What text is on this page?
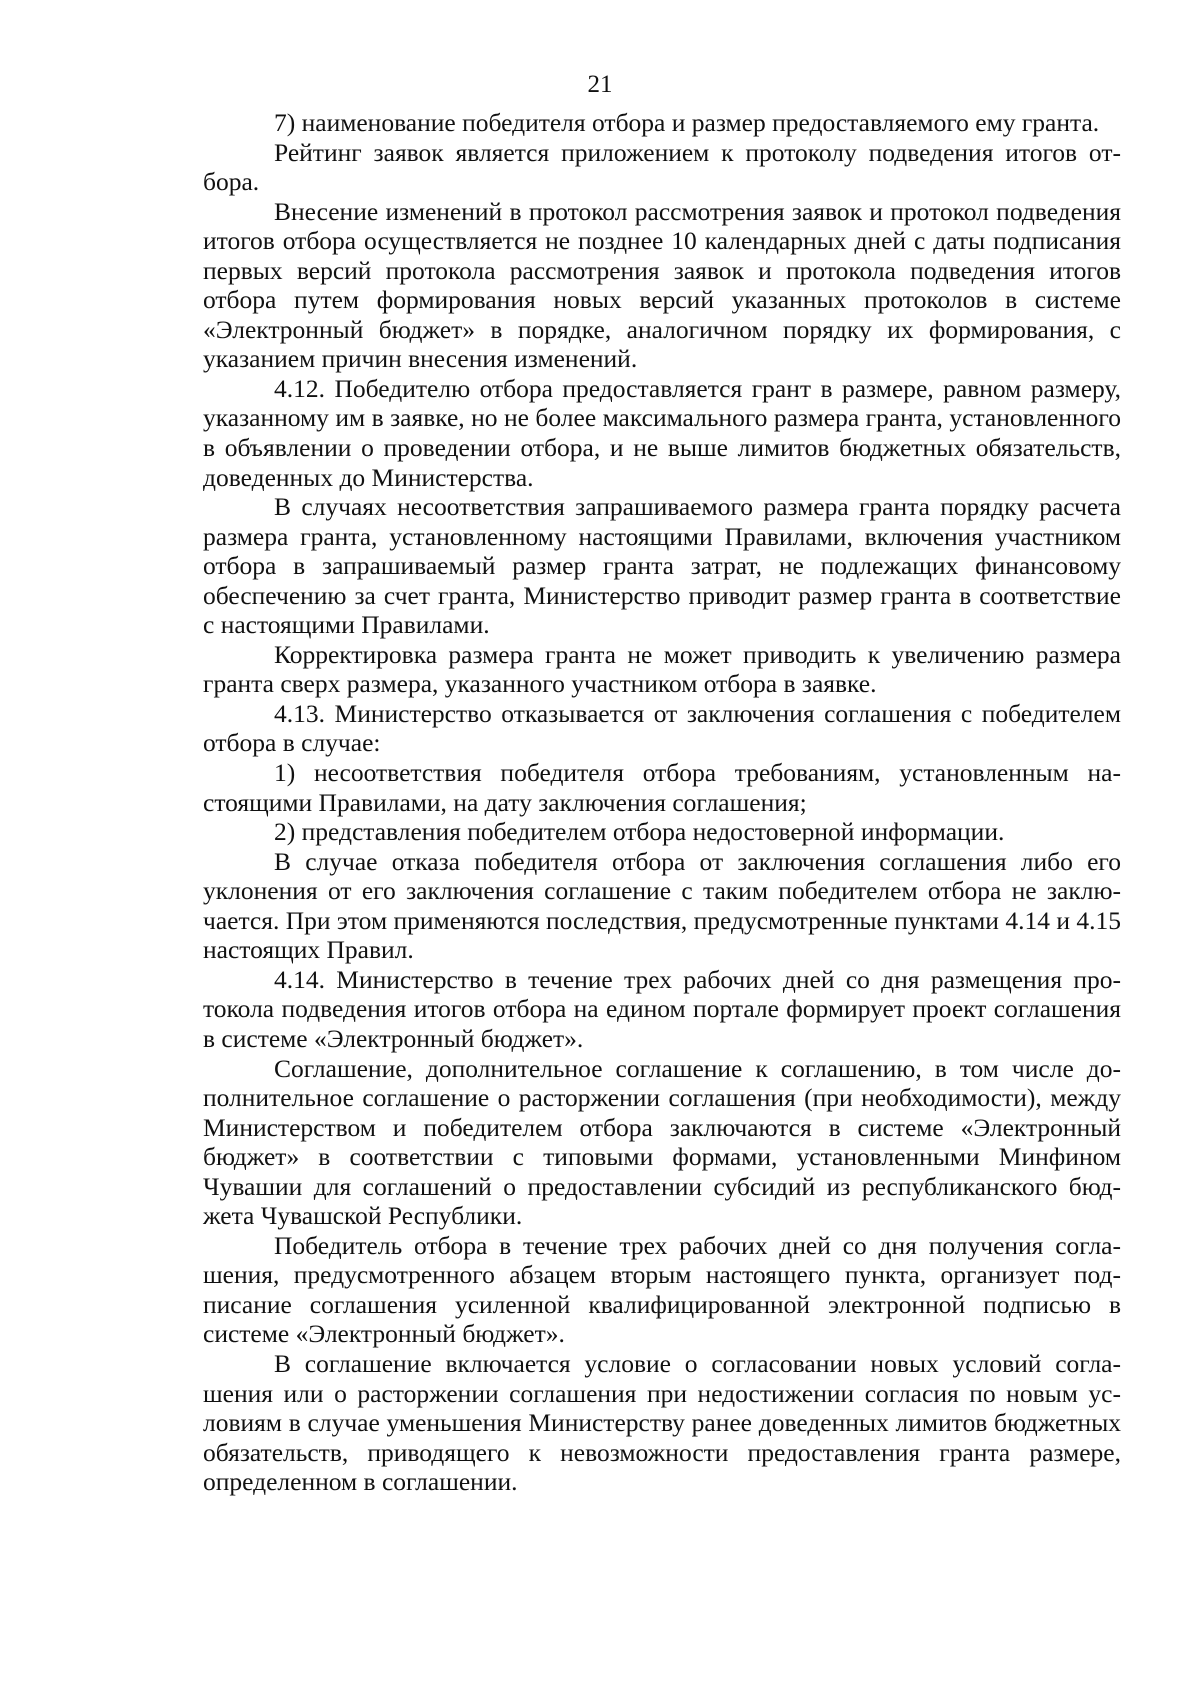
21

7) наименование победителя отбора и размер предоставляемого ему гранта.

Рейтинг заявок является приложением к протоколу подведения итогов отбора.

Внесение изменений в протокол рассмотрения заявок и протокол подведения итогов отбора осуществляется не позднее 10 календарных дней с даты подписания первых версий протокола рассмотрения заявок и протокола подведения итогов отбора путем формирования новых версий указанных протоколов в системе «Электронный бюджет» в порядке, аналогичном порядку их формирования, с указанием причин внесения изменений.

4.12. Победителю отбора предоставляется грант в размере, равном размеру, указанному им в заявке, но не более максимального размера гранта, установленного в объявлении о проведении отбора, и не выше лимитов бюджетных обязательств, доведенных до Министерства.

В случаях несоответствия запрашиваемого размера гранта порядку расчета размера гранта, установленному настоящими Правилами, включения участником отбора в запрашиваемый размер гранта затрат, не подлежащих финансовому обеспечению за счет гранта, Министерство приводит размер гранта в соответствие с настоящими Правилами.

Корректировка размера гранта не может приводить к увеличению размера гранта сверх размера, указанного участником отбора в заявке.

4.13. Министерство отказывается от заключения соглашения с победителем отбора в случае:

1) несоответствия победителя отбора требованиям, установленным настоящими Правилами, на дату заключения соглашения;

2) представления победителем отбора недостоверной информации.

В случае отказа победителя отбора от заключения соглашения либо его уклонения от его заключения соглашение с таким победителем отбора не заключается. При этом применяются последствия, предусмотренные пунктами 4.14 и 4.15 настоящих Правил.

4.14. Министерство в течение трех рабочих дней со дня размещения протокола подведения итогов отбора на едином портале формирует проект соглашения в системе «Электронный бюджет».

Соглашение, дополнительное соглашение к соглашению, в том числе дополнительное соглашение о расторжении соглашения (при необходимости), между Министерством и победителем отбора заключаются в системе «Электронный бюджет» в соответствии с типовыми формами, установленными Минфином Чувашии для соглашений о предоставлении субсидий из республиканского бюджета Чувашской Республики.

Победитель отбора в течение трех рабочих дней со дня получения соглашения, предусмотренного абзацем вторым настоящего пункта, организует подписание соглашения усиленной квалифицированной электронной подписью в системе «Электронный бюджет».

В соглашение включается условие о согласовании новых условий соглашения или о расторжении соглашения при недостижении согласия по новым условиям в случае уменьшения Министерству ранее доведенных лимитов бюджетных обязательств, приводящего к невозможности предоставления гранта размере, определенном в соглашении.
